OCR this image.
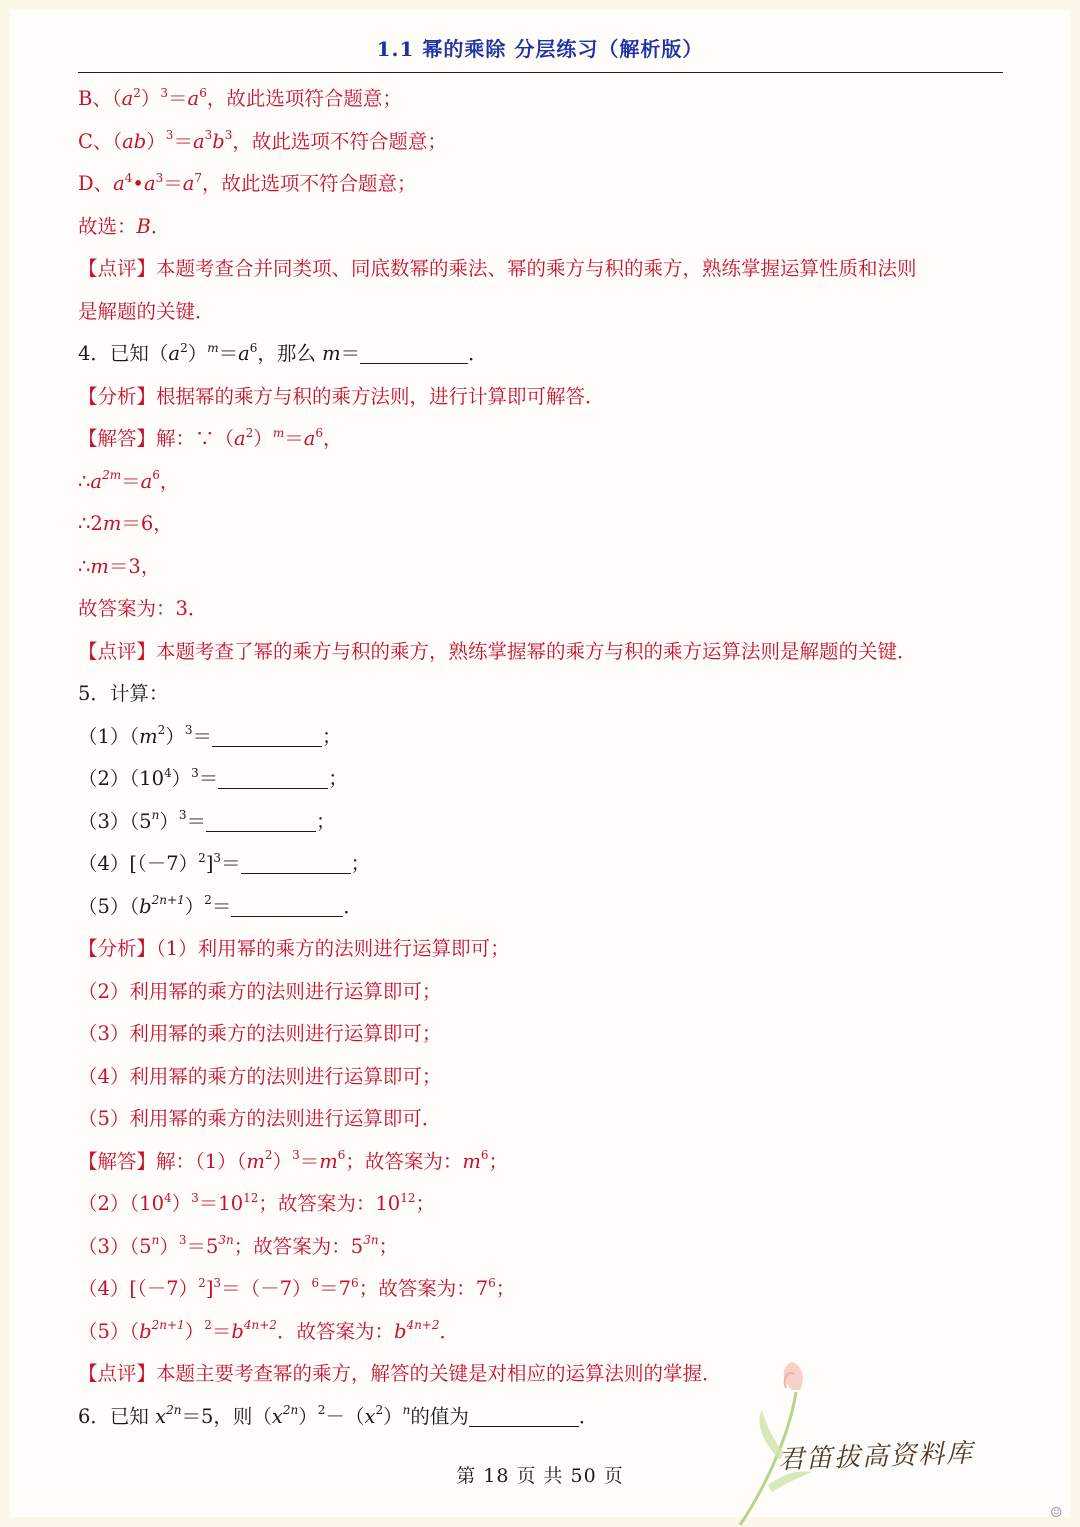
1.1 幂的乘除 分层练习（解析版）
B、$(a^2)^3=a^6$，故此选项符合题意；
C、$(ab)^3=a^3b^3$，故此选项不符合题意；
D、$a^4•a^3=a^7$，故此选项不符合题意；
故选：B．
【点评】本题考查合并同类项、同底数幂的乘法、幂的乘方与积的乘方，熟练掌握运算性质和法则
是解题的关键．
4．已知$(a^2)^m=a^6$，那么 m＝	．
【分析】根据幂的乘方与积的乘方法则，进行计算即可解答．
【解答】解：$\because(a^2)^m=a^6$，
$\therefore a^{2m}=a^6$，
∴2m＝6，
∴m＝3，
故答案为：3．
【点评】本题考查了幂的乘方与积的乘方，熟练掌握幂的乘方与积的乘方运算法则是解题的关键．
5．计算：
$(1)(m^2)^3=$	；
$(2)(10^4)^3=$	；
$(3)(5^n)^3=$	；
$(4)[(-7)^2]^3=$	；
$(5)(b^{2n+1})^2=$	．
【分析】（1）利用幂的乘方的法则进行运算即可；
（2）利用幂的乘方的法则进行运算即可；
（3）利用幂的乘方的法则进行运算即可；
（4）利用幂的乘方的法则进行运算即可；
（5）利用幂的乘方的法则进行运算即可．
【解答】解：$(1)(m^2)^3=m^6$；故答案为：$m^6$；
$(2)(10^4)^3=10^{12}$；故答案为：$10^{12}$；
$(3)(5^n)^3=5^{3n}$；故答案为：$5^{3n}$；
$(4)[(-7)^2]^3=(-7)^6=7^6$；故答案为：$7^6$；
$(5)(b^{2n+1})^2=b^{4n+2}$．故答案为：$b^{4n+2}$．
【点评】本题主要考查幂的乘方，解答的关键是对相应的运算法则的掌握．
6．已知 $x^{2n}=5$，则$(x^{2n})^2-(x^2)^n$的值为	．
君笛拔高资料库
第 18 页 共 50 页
☺
